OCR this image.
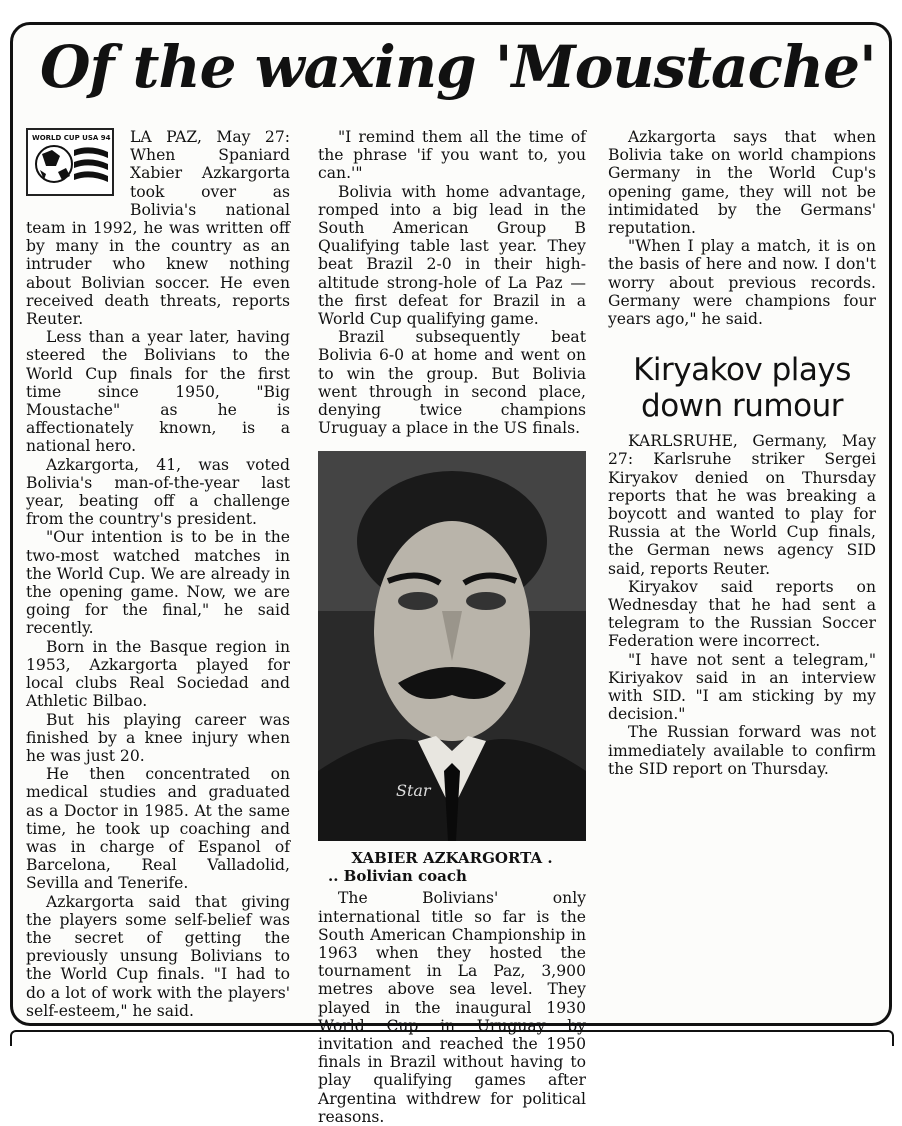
Of the waxing 'Moustache'
WORLD CUP USA 94	LA PAZ, May 27: When Spaniard Xabier Azkargorta took over as Bolivia's national team in 1992, he was written off by many in the country as an intruder who knew nothing about Bolivian soccer. He even received death threats, reports Reuter.

Less than a year later, having steered the Bolivians to the World Cup finals for the first time since 1950, "Big Moustache" as he is affectionately known, is a national hero.

Azkargorta, 41, was voted Bolivia's man-of-the-year last year, beating off a challenge from the country's president.

"Our intention is to be in the two-most watched matches in the World Cup. We are already in the opening game. Now, we are going for the final," he said recently.

Born in the Basque region in 1953, Azkargorta played for local clubs Real Sociedad and Athletic Bilbao.

But his playing career was finished by a knee injury when he was just 20.

He then concentrated on medical studies and graduated as a Doctor in 1985. At the same time, he took up coaching and was in charge of Espanol of Barcelona, Real Valladolid, Sevilla and Tenerife.

Azkargorta said that giving the players some self-belief was the secret of getting the previously unsung Bolivians to the World Cup finals. "I had to do a lot of work with the players' self-esteem," he said.

"I remind them all the time of the phrase 'if you want to, you can.'"

Bolivia with home advantage, romped into a big lead in the South American Group B Qualifying table last year. They beat Brazil 2-0 in their high-altitude strong-hole of La Paz — the first defeat for Brazil in a World Cup qualifying game.

Brazil subsequently beat Bolivia 6-0 at home and went on to win the group. But Bolivia went through in second place, denying twice champions Uruguay a place in the US finals.

Star
XABIER AZKARGORTA .
.. Bolivian coach

The Bolivians' only international title so far is the South American Championship in 1963 when they hosted the tournament in La Paz, 3,900 metres above sea level. They played in the inaugural 1930 World Cup in Uruguay by invitation and reached the 1950 finals in Brazil without having to play qualifying games after Argentina withdrew for political reasons.

Azkargorta says that when Bolivia take on world champions Germany in the World Cup's opening game, they will not be intimidated by the Germans' reputation.

"When I play a match, it is on the basis of here and now. I don't worry about previous records. Germany were champions four years ago," he said.

Kiryakov plays down rumour

KARLSRUHE, Germany, May 27: Karlsruhe striker Sergei Kiryakov denied on Thursday reports that he was breaking a boycott and wanted to play for Russia at the World Cup finals, the German news agency SID said, reports Reuter.

Kiryakov said reports on Wednesday that he had sent a telegram to the Russian Soccer Federation were incorrect.

"I have not sent a telegram," Kiriyakov said in an interview with SID. "I am sticking by my decision."

The Russian forward was not immediately available to confirm the SID report on Thursday.
